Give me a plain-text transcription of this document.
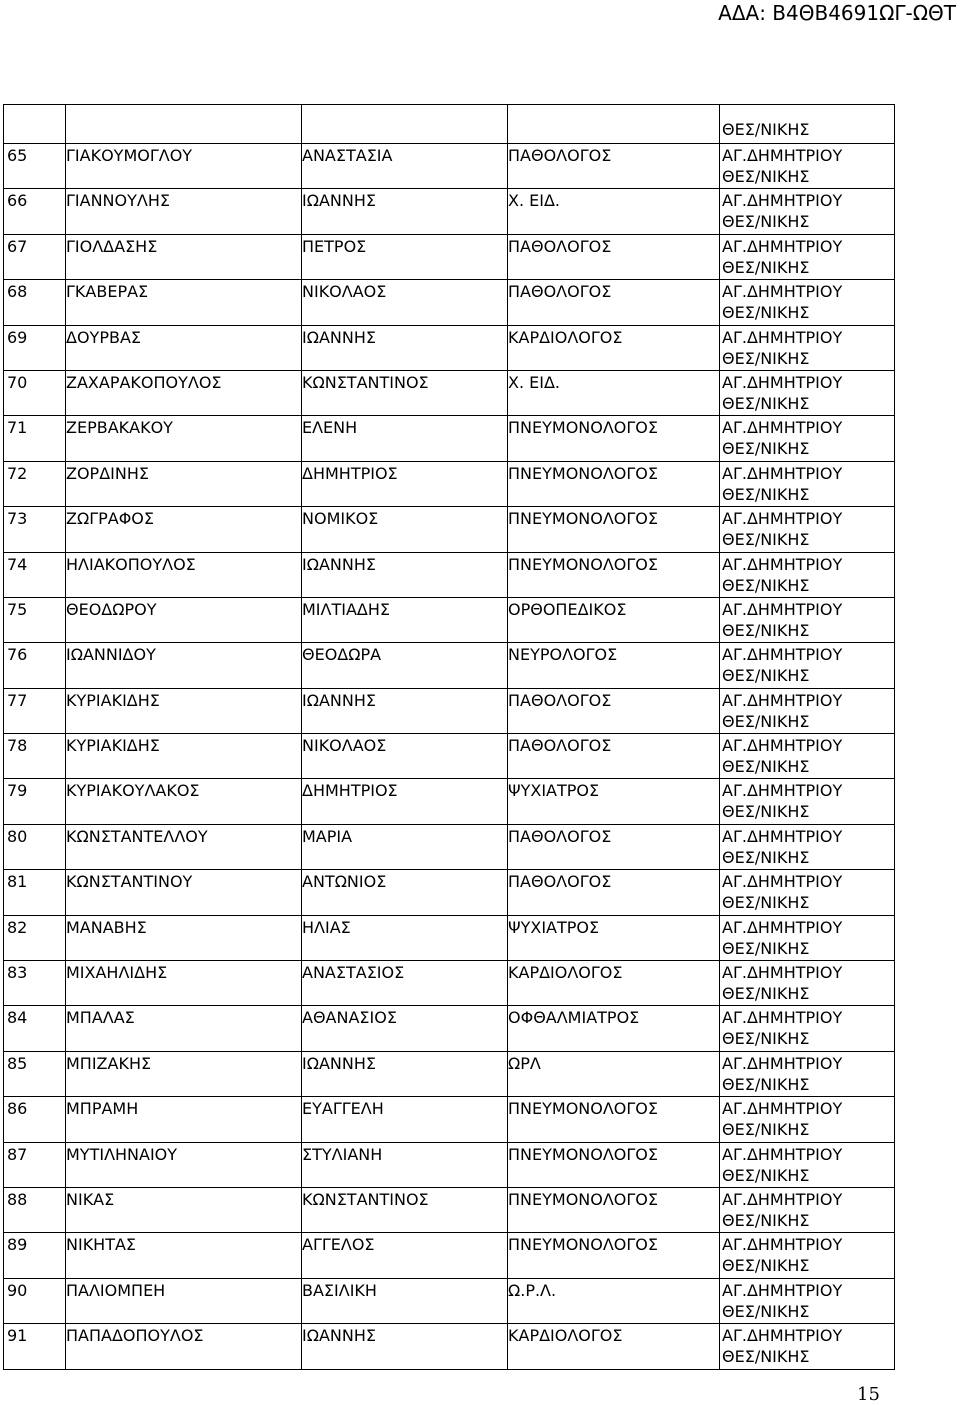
ΑΔΑ: Β4ΘΒ4691ΩΓ-ΩΘΤ

				ΘΕΣ/ΝΙΚΗΣ

65	ΓΙΑΚΟΥΜΟΓΛΟΥ	ΑΝΑΣΤΑΣΙΑ	ΠΑΘΟΛΟΓΟΣ	ΑΓ.ΔΗΜΗΤΡΙΟΥ
ΘΕΣ/ΝΙΚΗΣ

66	ΓΙΑΝΝΟΥΛΗΣ	ΙΩΑΝΝΗΣ	Χ. ΕΙΔ.	ΑΓ.ΔΗΜΗΤΡΙΟΥ
ΘΕΣ/ΝΙΚΗΣ

67	ΓΙΟΛΔΑΣΗΣ	ΠΕΤΡΟΣ	ΠΑΘΟΛΟΓΟΣ	ΑΓ.ΔΗΜΗΤΡΙΟΥ
ΘΕΣ/ΝΙΚΗΣ

68	ΓΚΑΒΕΡΑΣ	ΝΙΚΟΛΑΟΣ	ΠΑΘΟΛΟΓΟΣ	ΑΓ.ΔΗΜΗΤΡΙΟΥ
ΘΕΣ/ΝΙΚΗΣ

69	ΔΟΥΡΒΑΣ	ΙΩΑΝΝΗΣ	ΚΑΡΔΙΟΛΟΓΟΣ	ΑΓ.ΔΗΜΗΤΡΙΟΥ
ΘΕΣ/ΝΙΚΗΣ

70	ΖΑΧΑΡΑΚΟΠΟΥΛΟΣ	ΚΩΝΣΤΑΝΤΙΝΟΣ	Χ. ΕΙΔ.	ΑΓ.ΔΗΜΗΤΡΙΟΥ
ΘΕΣ/ΝΙΚΗΣ

71	ΖΕΡΒΑΚΑΚΟΥ	ΕΛΕΝΗ	ΠΝΕΥΜΟΝΟΛΟΓΟΣ	ΑΓ.ΔΗΜΗΤΡΙΟΥ
ΘΕΣ/ΝΙΚΗΣ

72	ΖΟΡΔΙΝΗΣ	ΔΗΜΗΤΡΙΟΣ	ΠΝΕΥΜΟΝΟΛΟΓΟΣ	ΑΓ.ΔΗΜΗΤΡΙΟΥ
ΘΕΣ/ΝΙΚΗΣ

73	ΖΩΓΡΑΦΟΣ	ΝΟΜΙΚΟΣ	ΠΝΕΥΜΟΝΟΛΟΓΟΣ	ΑΓ.ΔΗΜΗΤΡΙΟΥ
ΘΕΣ/ΝΙΚΗΣ

74	ΗΛΙΑΚΟΠΟΥΛΟΣ	ΙΩΑΝΝΗΣ	ΠΝΕΥΜΟΝΟΛΟΓΟΣ	ΑΓ.ΔΗΜΗΤΡΙΟΥ
ΘΕΣ/ΝΙΚΗΣ

75	ΘΕΟΔΩΡΟΥ	ΜΙΛΤΙΑΔΗΣ	ΟΡΘΟΠΕΔΙΚΟΣ	ΑΓ.ΔΗΜΗΤΡΙΟΥ
ΘΕΣ/ΝΙΚΗΣ

76	ΙΩΑΝΝΙΔΟΥ	ΘΕΟΔΩΡΑ	ΝΕΥΡΟΛΟΓΟΣ	ΑΓ.ΔΗΜΗΤΡΙΟΥ
ΘΕΣ/ΝΙΚΗΣ

77	ΚΥΡΙΑΚΙΔΗΣ	ΙΩΑΝΝΗΣ	ΠΑΘΟΛΟΓΟΣ	ΑΓ.ΔΗΜΗΤΡΙΟΥ
ΘΕΣ/ΝΙΚΗΣ

78	ΚΥΡΙΑΚΙΔΗΣ	ΝΙΚΟΛΑΟΣ	ΠΑΘΟΛΟΓΟΣ	ΑΓ.ΔΗΜΗΤΡΙΟΥ
ΘΕΣ/ΝΙΚΗΣ

79	ΚΥΡΙΑΚΟΥΛΑΚΟΣ	ΔΗΜΗΤΡΙΟΣ	ΨΥΧΙΑΤΡΟΣ	ΑΓ.ΔΗΜΗΤΡΙΟΥ
ΘΕΣ/ΝΙΚΗΣ

80	ΚΩΝΣΤΑΝΤΕΛΛΟΥ	ΜΑΡΙΑ	ΠΑΘΟΛΟΓΟΣ	ΑΓ.ΔΗΜΗΤΡΙΟΥ
ΘΕΣ/ΝΙΚΗΣ

81	ΚΩΝΣΤΑΝΤΙΝΟΥ	ΑΝΤΩΝΙΟΣ	ΠΑΘΟΛΟΓΟΣ	ΑΓ.ΔΗΜΗΤΡΙΟΥ
ΘΕΣ/ΝΙΚΗΣ

82	ΜΑΝΑΒΗΣ	ΗΛΙΑΣ	ΨΥΧΙΑΤΡΟΣ	ΑΓ.ΔΗΜΗΤΡΙΟΥ
ΘΕΣ/ΝΙΚΗΣ

83	ΜΙΧΑΗΛΙΔΗΣ	ΑΝΑΣΤΑΣΙΟΣ	ΚΑΡΔΙΟΛΟΓΟΣ	ΑΓ.ΔΗΜΗΤΡΙΟΥ
ΘΕΣ/ΝΙΚΗΣ

84	ΜΠΑΛΑΣ	ΑΘΑΝΑΣΙΟΣ	ΟΦΘΑΛΜΙΑΤΡΟΣ	ΑΓ.ΔΗΜΗΤΡΙΟΥ
ΘΕΣ/ΝΙΚΗΣ

85	ΜΠΙΖΑΚΗΣ	ΙΩΑΝΝΗΣ	ΩΡΛ	ΑΓ.ΔΗΜΗΤΡΙΟΥ
ΘΕΣ/ΝΙΚΗΣ

86	ΜΠΡΑΜΗ	ΕΥΑΓΓΕΛΗ	ΠΝΕΥΜΟΝΟΛΟΓΟΣ	ΑΓ.ΔΗΜΗΤΡΙΟΥ
ΘΕΣ/ΝΙΚΗΣ

87	ΜΥΤΙΛΗΝΑΙΟΥ	ΣΤΥΛΙΑΝΗ	ΠΝΕΥΜΟΝΟΛΟΓΟΣ	ΑΓ.ΔΗΜΗΤΡΙΟΥ
ΘΕΣ/ΝΙΚΗΣ

88	ΝΙΚΑΣ	ΚΩΝΣΤΑΝΤΙΝΟΣ	ΠΝΕΥΜΟΝΟΛΟΓΟΣ	ΑΓ.ΔΗΜΗΤΡΙΟΥ
ΘΕΣ/ΝΙΚΗΣ

89	ΝΙΚΗΤΑΣ	ΑΓΓΕΛΟΣ	ΠΝΕΥΜΟΝΟΛΟΓΟΣ	ΑΓ.ΔΗΜΗΤΡΙΟΥ
ΘΕΣ/ΝΙΚΗΣ

90	ΠΑΛΙΟΜΠΕΗ	ΒΑΣΙΛΙΚΗ	Ω.Ρ.Λ.	ΑΓ.ΔΗΜΗΤΡΙΟΥ
ΘΕΣ/ΝΙΚΗΣ

91	ΠΑΠΑΔΟΠΟΥΛΟΣ	ΙΩΑΝΝΗΣ	ΚΑΡΔΙΟΛΟΓΟΣ	ΑΓ.ΔΗΜΗΤΡΙΟΥ
ΘΕΣ/ΝΙΚΗΣ
15
